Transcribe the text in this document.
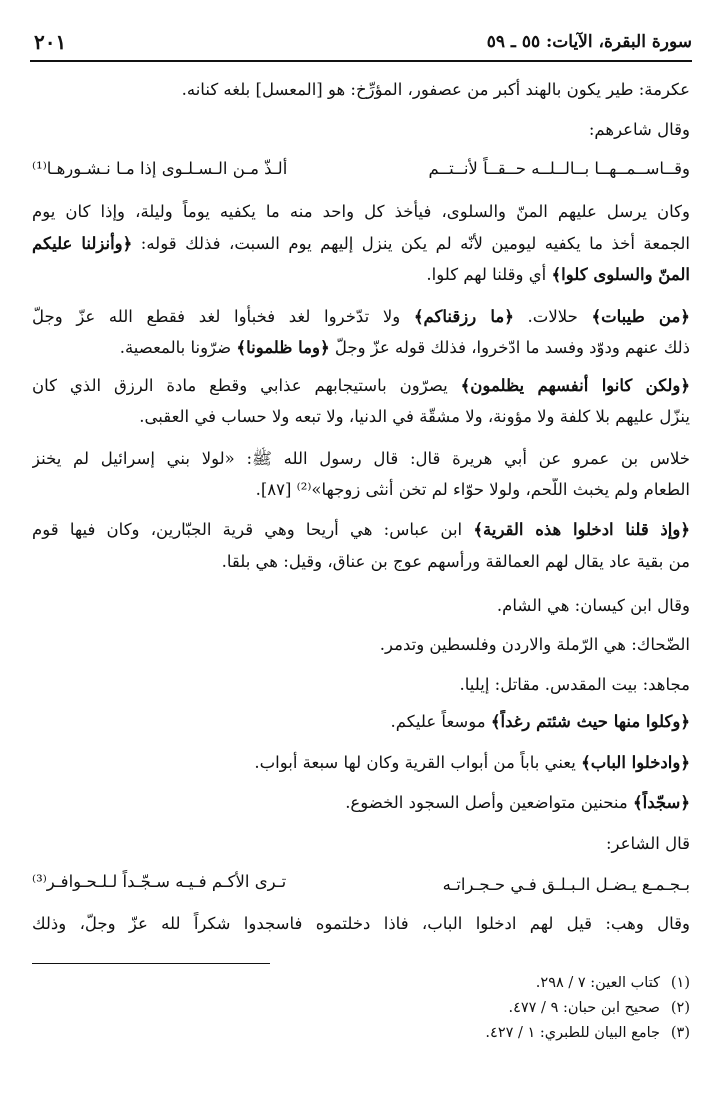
سورة البقرة، الآيات: ٥٥ ـ ٥٩
٢٠١
عكرمة: طير يكون بالهند أكبر من عصفور، المؤرِّخ: هو [المعسل] بلغه كنانه.
وقال شاعرهم:
وقــاســمــهــا بــالــلــه حــقــاً لأنــتــم
ألـذّ مـن الـسـلـوى إذا مـا نـشـورهـا⁽¹⁾
وكان يرسل عليهم المنّ والسلوى، فيأخذ كل واحد منه ما يكفيه يوماً وليلة، وإذا كان يوم
الجمعة أخذ ما يكفيه ليومين لأنّه لم يكن ينزل إليهم يوم السبت، فذلك قوله: ﴿وأنزلنا عليكم
المنّ والسلوى كلوا﴾ أي وقلنا لهم كلوا.
﴿من طيبات﴾ حلالات. ﴿ما رزقناكم﴾ ولا تدّخروا لغد فخبأوا لغد فقطع الله عزّ وجلّ
ذلك عنهم ودوّد وفسد ما ادّخروا، فذلك قوله عزّ وجلّ ﴿وما ظلمونا﴾ ضرّونا بالمعصية.
﴿ولكن كانوا أنفسهم يظلمون﴾ يصرّون باستيجابهم عذابي وقطع مادة الرزق الذي كان
ينزّل عليهم بلا كلفة ولا مؤونة، ولا مشقّة في الدنيا، ولا تبعه ولا حساب في العقبى.
خلاس بن عمرو عن أبي هريرة قال: قال رسول الله ﷺ: «لولا بني إسرائيل لم يخنز
الطعام ولم يخبث اللّحم، ولولا حوّاء لم تخن أنثى زوجها»⁽²⁾ [٨٧].
﴿وإذ قلنا ادخلوا هذه القرية﴾ ابن عباس: هي أريحا وهي قرية الجبّارين، وكان فيها قوم
من بقية عاد يقال لهم العمالقة ورأسهم عوج بن عناق، وقيل: هي بلقا.
وقال ابن كيسان: هي الشام.
الضّحاك: هي الرّملة والاردن وفلسطين وتدمر.
مجاهد: بيت المقدس. مقاتل: إيليا.
﴿وكلوا منها حيث شئتم رغداً﴾ موسعاً عليكم.
﴿وادخلوا الباب﴾ يعني باباً من أبواب القرية وكان لها سبعة أبواب.
﴿سجّداً﴾ منحنين متواضعين وأصل السجود الخضوع.
قال الشاعر:
بـجـمـع يـضـل الـبـلـق فـي حـجـراتـه
تـرى الأكـم فـيـه سـجّـداً لـلـحـوافـر⁽³⁾
وقال وهب: قيل لهم ادخلوا الباب، فاذا دخلتموه فاسجدوا شكراً لله عزّ وجلّ، وذلك
(١)كتاب العين: ٧ / ٢٩٨.
(٢)صحيح ابن حبان: ٩ / ٤٧٧.
(٣)جامع البيان للطبري: ١ / ٤٢٧.
